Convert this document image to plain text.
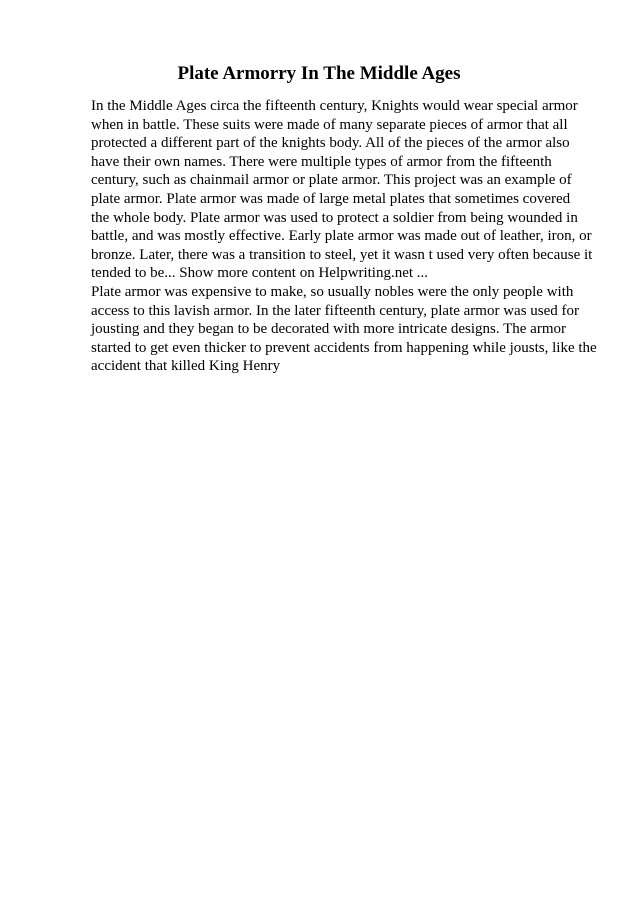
Plate Armorry In The Middle Ages
In the Middle Ages circa the fifteenth century, Knights would wear special armor
when in battle. These suits were made of many separate pieces of armor that all
protected a different part of the knights body. All of the pieces of the armor also
have their own names. There were multiple types of armor from the fifteenth
century, such as chainmail armor or plate armor. This project was an example of
plate armor. Plate armor was made of large metal plates that sometimes covered
the whole body. Plate armor was used to protect a soldier from being wounded in
battle, and was mostly effective. Early plate armor was made out of leather, iron, or
bronze. Later, there was a transition to steel, yet it wasn t used very often because it
tended to be... Show more content on Helpwriting.net ...
Plate armor was expensive to make, so usually nobles were the only people with
access to this lavish armor. In the later fifteenth century, plate armor was used for
jousting and they began to be decorated with more intricate designs. The armor
started to get even thicker to prevent accidents from happening while jousts, like the
accident that killed King Henry
